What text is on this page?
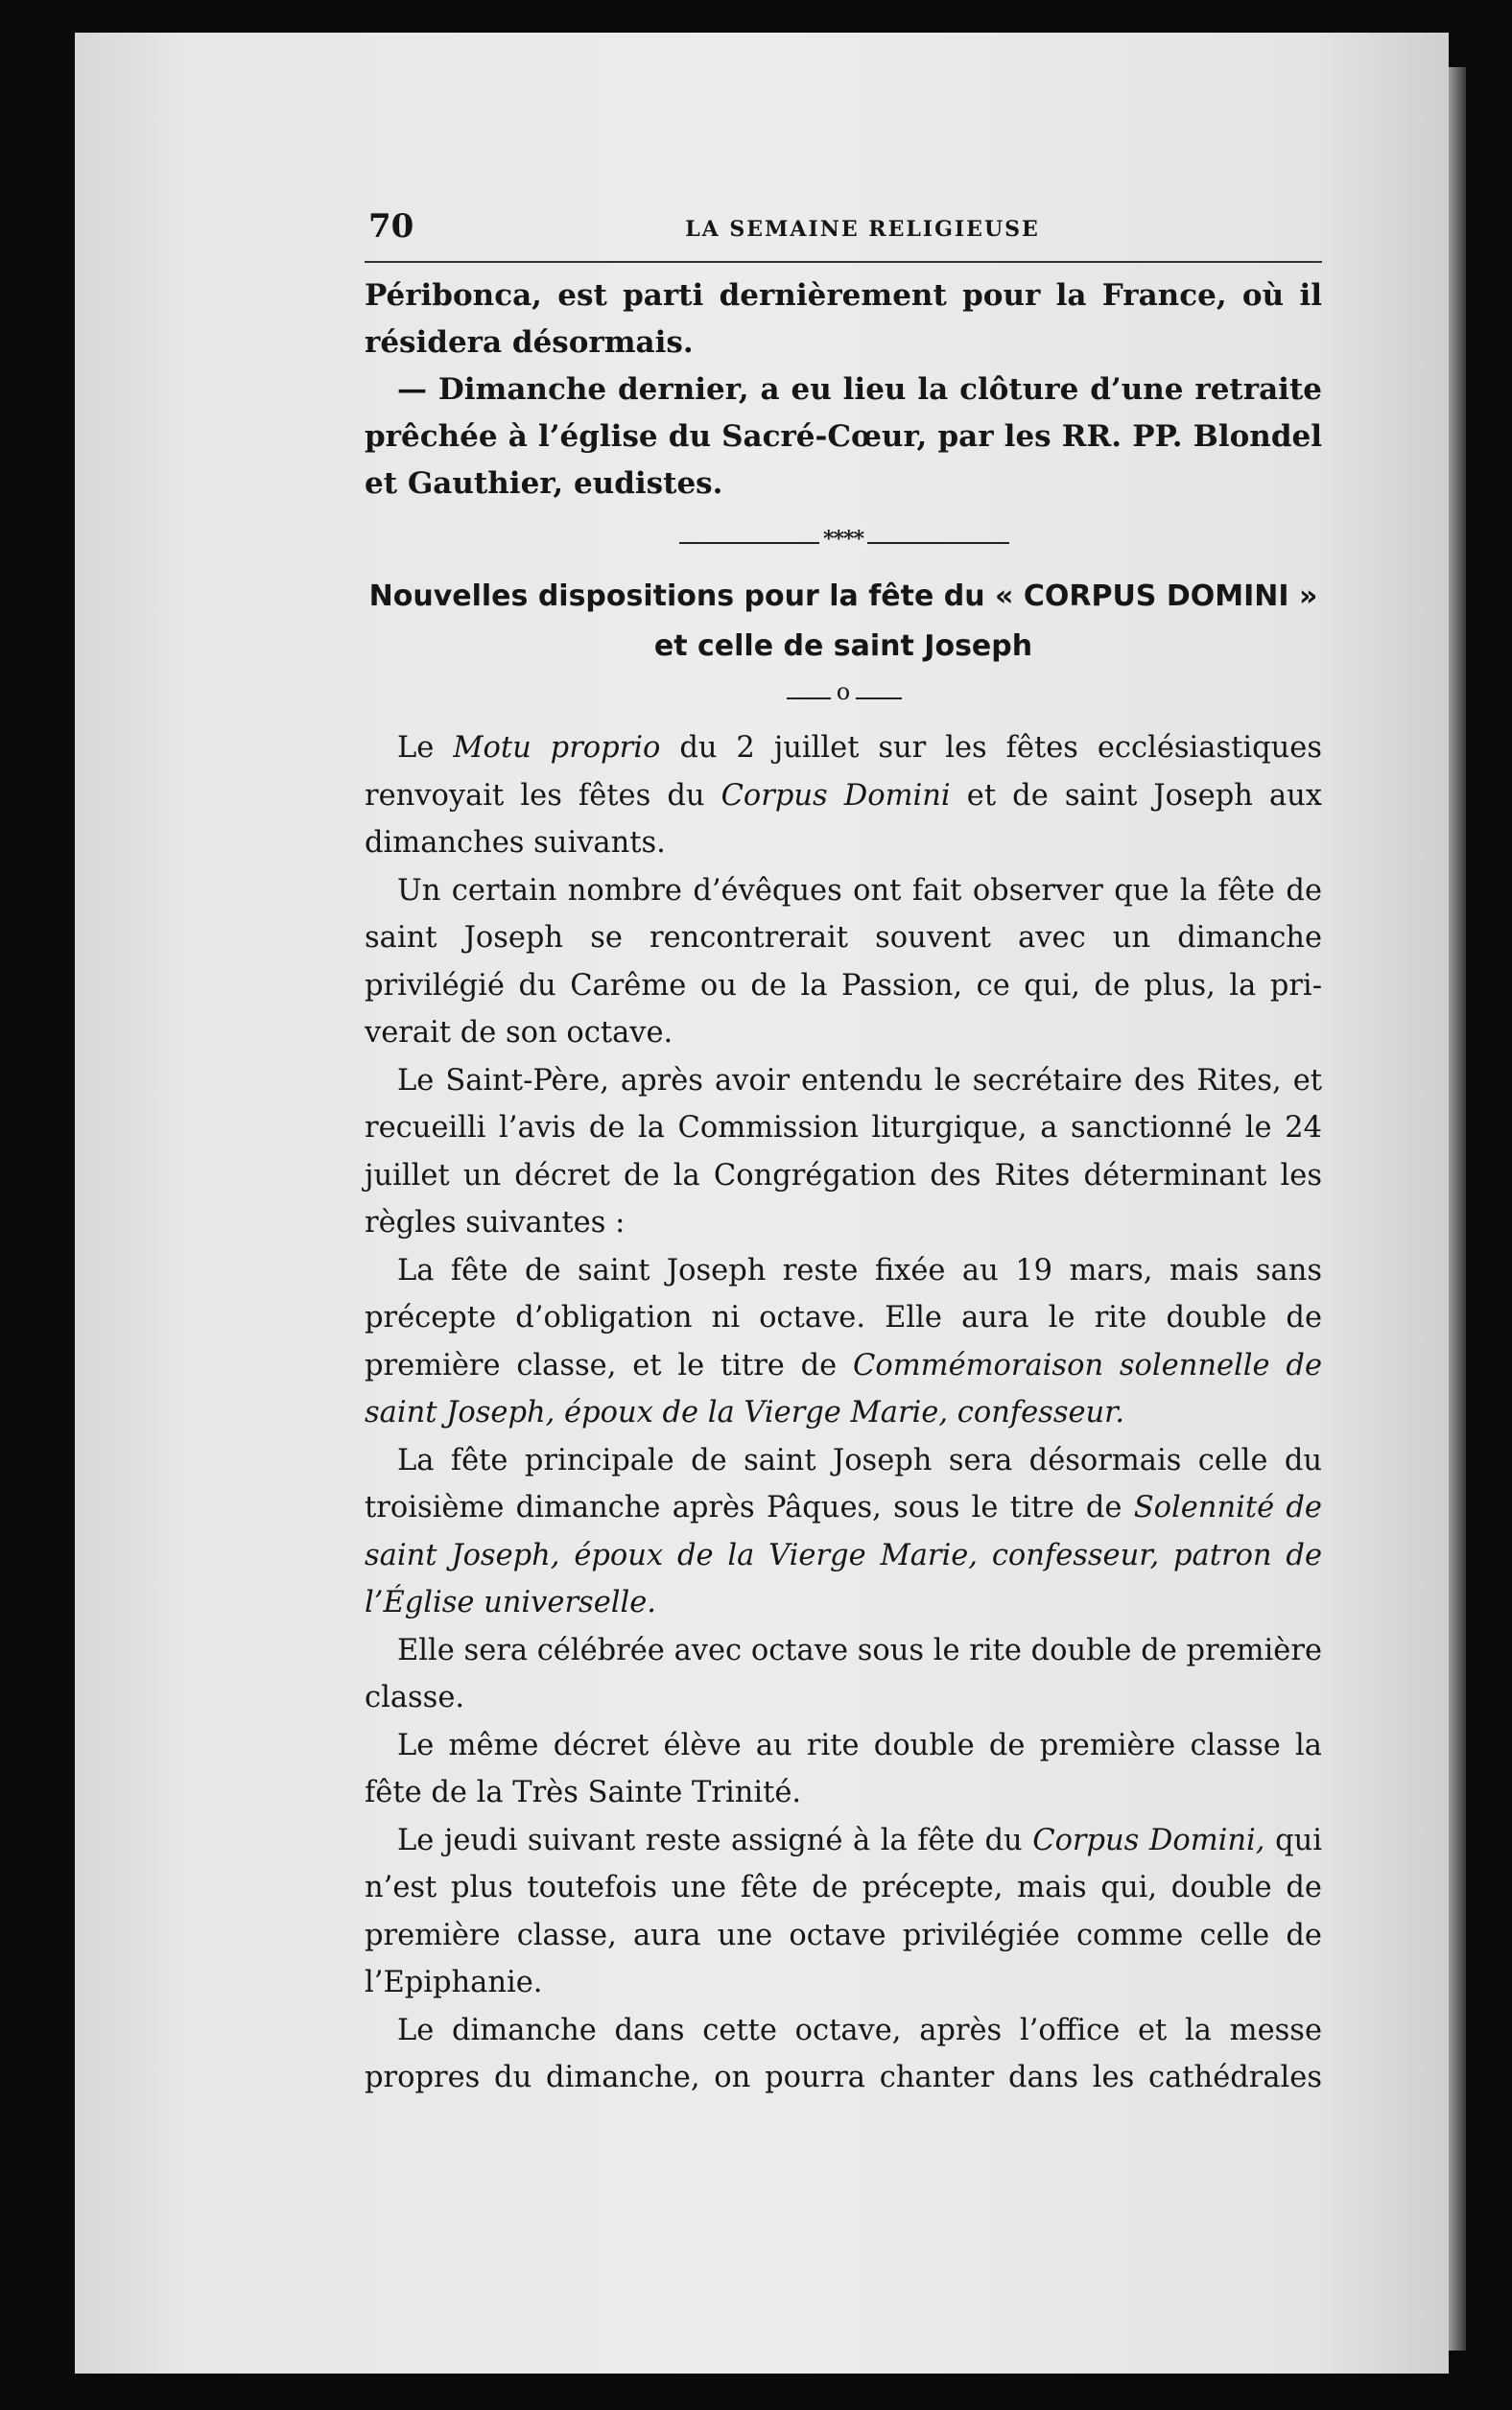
70	LA SEMAINE RELIGIEUSE

Péribonca, est parti dernièrement pour la France, où il résidera désormais.

— Dimanche dernier, a eu lieu la clôture d’une retraite prêchée à l’église du Sacré-Cœur, par les RR. PP. Blondel et Gauthier, eudistes.

****
Nouvelles dispositions pour la fête du « CORPUS DOMINI »
et celle de saint Joseph
o

Le Motu proprio du 2 juillet sur les fêtes ecclésiastiques renvoyait les fêtes du Corpus Domini et de saint Joseph aux dimanches suivants.

Un certain nombre d’évêques ont fait observer que la fête de saint Joseph se rencontrerait souvent avec un dimanche privilégié du Carême ou de la Passion, ce qui, de plus, la priverait de son octave.

Le Saint-Père, après avoir entendu le secrétaire des Rites, et recueilli l’avis de la Commission liturgique, a sanctionné le 24 juillet un décret de la Congrégation des Rites déterminant les règles suivantes :

La fête de saint Joseph reste fixée au 19 mars, mais sans précepte d’obligation ni octave. Elle aura le rite double de première classe, et le titre de Commémoraison solennelle de saint Joseph, époux de la Vierge Marie, confesseur.

La fête principale de saint Joseph sera désormais celle du troisième dimanche après Pâques, sous le titre de Solennité de saint Joseph, époux de la Vierge Marie, confesseur, patron de l’Église universelle.

Elle sera célébrée avec octave sous le rite double de première classe.

Le même décret élève au rite double de première classe la fête de la Très Sainte Trinité.

Le jeudi suivant reste assigné à la fête du Corpus Domini, qui n’est plus toutefois une fête de précepte, mais qui, double de première classe, aura une octave privilégiée comme celle de l’Epiphanie.

Le dimanche dans cette octave, après l’office et la messe propres du dimanche, on pourra chanter dans les cathédrales
